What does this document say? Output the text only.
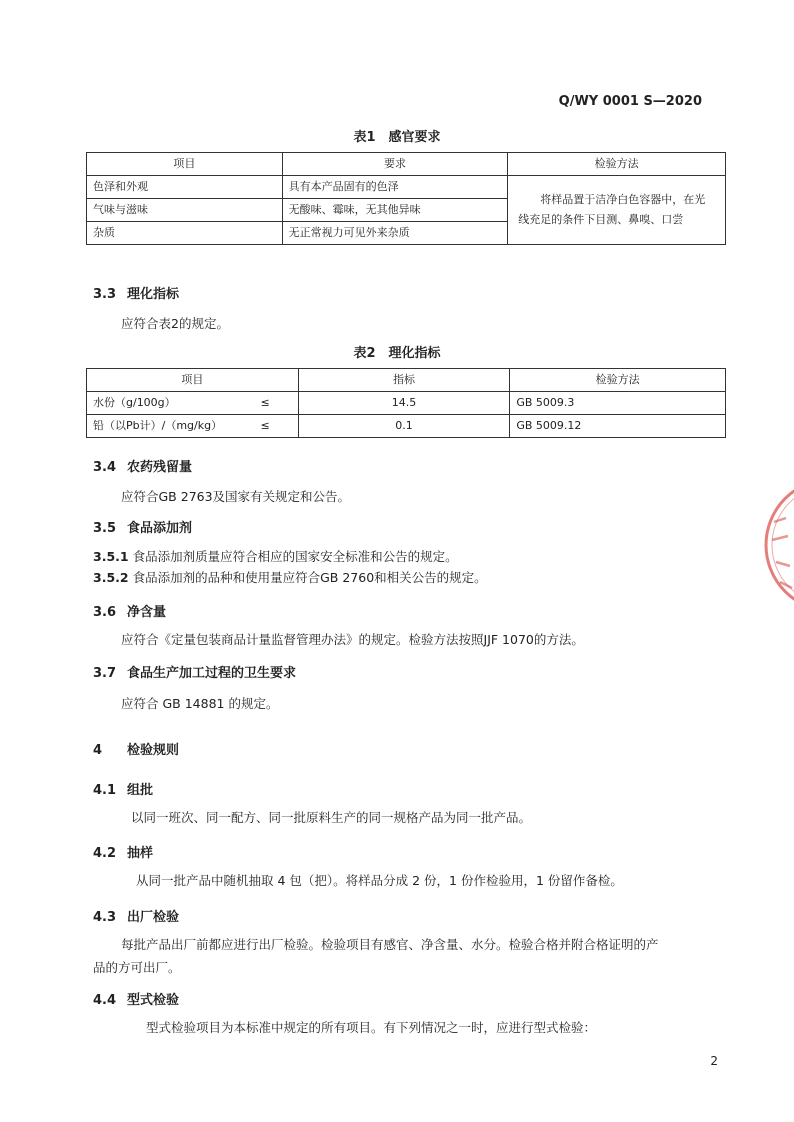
Q/WY 0001 S—2020
表1　感官要求
项目	要求	检验方法
色泽和外观	具有本产品固有的色泽	将样品置于洁净白色容器中，在光
线充足的条件下目测、鼻嗅、口尝

气味与滋味	无酸味、霉味，无其他异味	
杂质	无正常视力可见外来杂质	
3.3 理化指标
应符合表2的规定。
表2　理化指标
项目	指标	检验方法
水份（g/100g） ≤	14.5	GB 5009.3
铅（以Pb计）/（mg/kg） ≤	0.1	GB 5009.12
3.4 农药残留量
应符合GB 2763及国家有关规定和公告。
3.5 食品添加剂
3.5.1 食品添加剂质量应符合相应的国家安全标准和公告的规定。
3.5.2 食品添加剂的品种和使用量应符合GB 2760和相关公告的规定。
3.6 净含量
应符合《定量包装商品计量监督管理办法》的规定。检验方法按照JJF 1070的方法。
3.7 食品生产加工过程的卫生要求
应符合 GB 14881 的规定。
4 检验规则
4.1 组批
以同一班次、同一配方、同一批原料生产的同一规格产品为同一批产品。
4.2 抽样
从同一批产品中随机抽取 4 包（把）。将样品分成 2 份，1 份作检验用，1 份留作备检。
4.3 出厂检验
每批产品出厂前都应进行出厂检验。检验项目有感官、净含量、水分。检验合格并附合格证明的产
品的方可出厂。
4.4 型式检验
型式检验项目为本标准中规定的所有项目。有下列情况之一时，应进行型式检验：
2
